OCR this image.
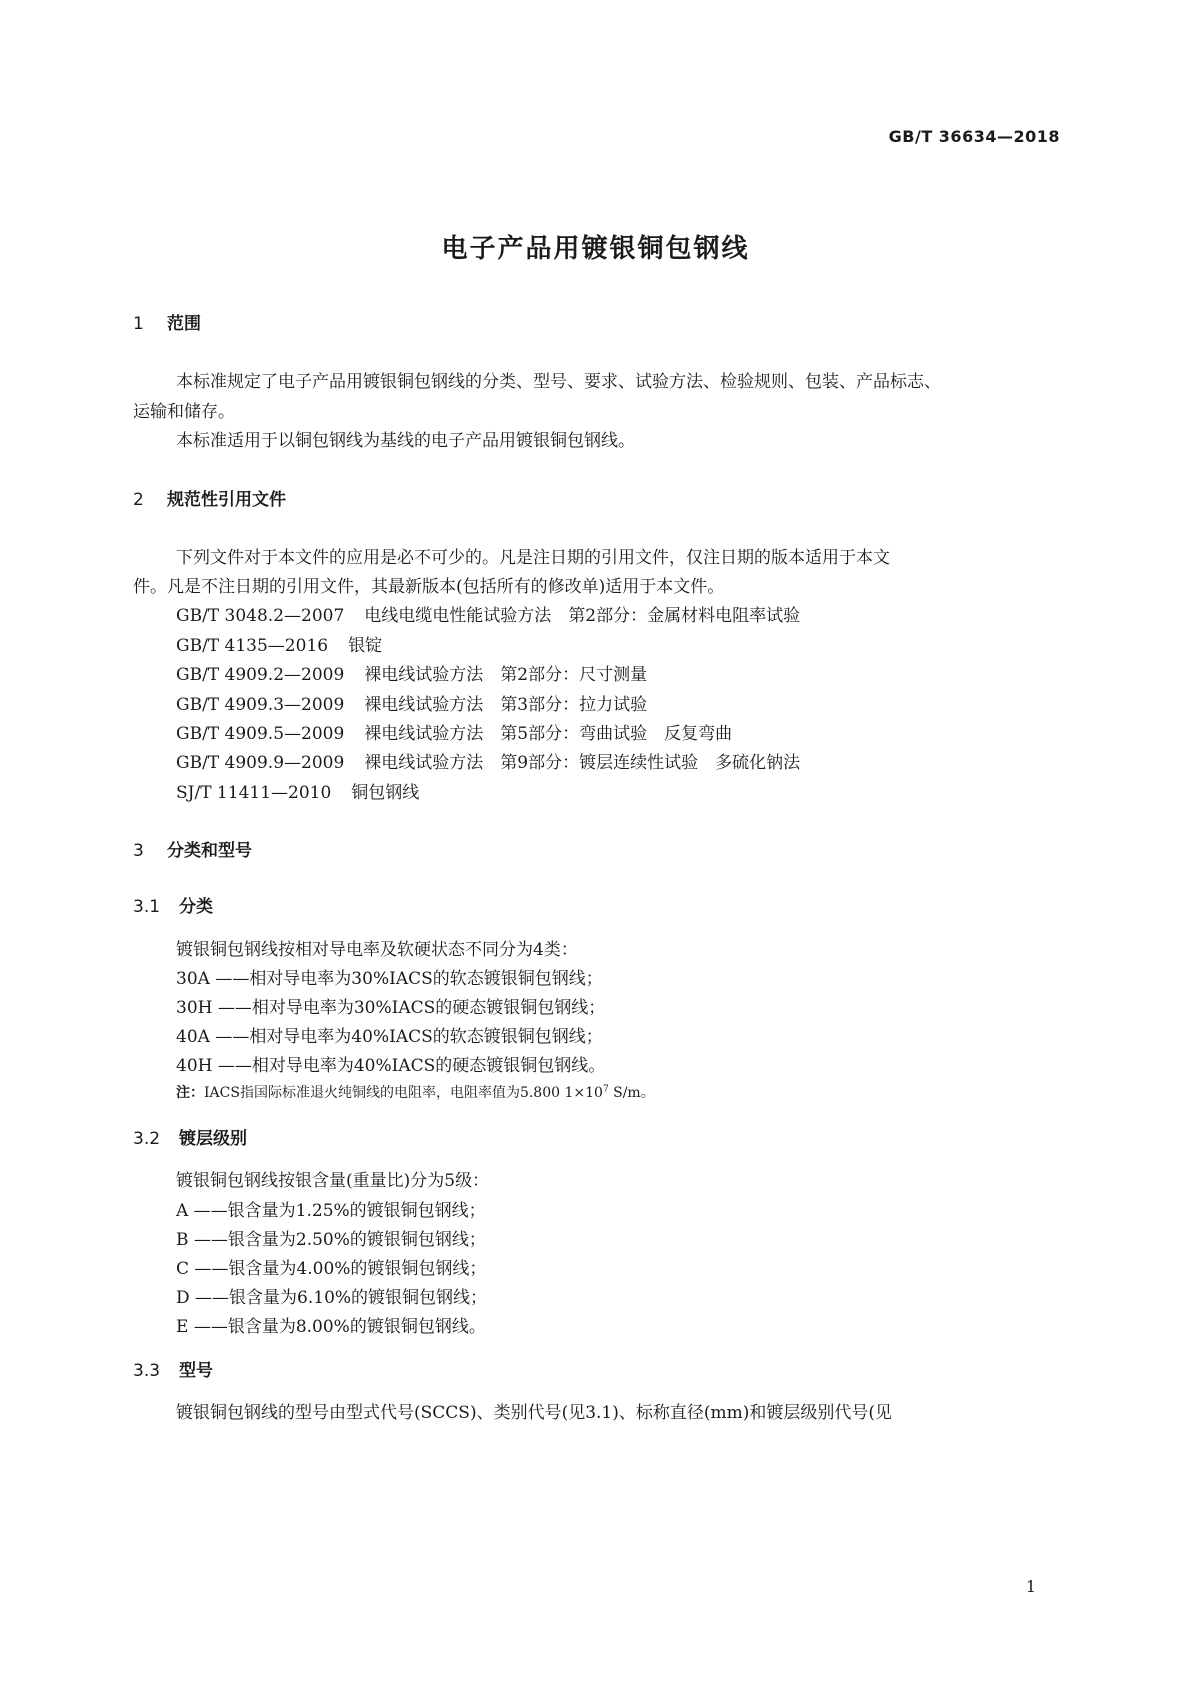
GB/T 36634—2018
电子产品用镀银铜包钢线
1 范围
本标准规定了电子产品用镀银铜包钢线的分类、型号、要求、试验方法、检验规则、包装、产品标志、
运输和储存。
本标准适用于以铜包钢线为基线的电子产品用镀银铜包钢线。
2 规范性引用文件
下列文件对于本文件的应用是必不可少的。凡是注日期的引用文件，仅注日期的版本适用于本文
件。凡是不注日期的引用文件，其最新版本(包括所有的修改单)适用于本文件。
GB/T 3048.2—2007 电线电缆电性能试验方法　第2部分：金属材料电阻率试验
GB/T 4135—2016 银锭
GB/T 4909.2—2009 裸电线试验方法　第2部分：尺寸测量
GB/T 4909.3—2009 裸电线试验方法　第3部分：拉力试验
GB/T 4909.5—2009 裸电线试验方法　第5部分：弯曲试验　反复弯曲
GB/T 4909.9—2009 裸电线试验方法　第9部分：镀层连续性试验　多硫化钠法
SJ/T 11411—2010 铜包钢线
3 分类和型号
3.1 分类
镀银铜包钢线按相对导电率及软硬状态不同分为4类：
30A ——相对导电率为30%IACS的软态镀银铜包钢线；
30H ——相对导电率为30%IACS的硬态镀银铜包钢线；
40A ——相对导电率为40%IACS的软态镀银铜包钢线；
40H ——相对导电率为40%IACS的硬态镀银铜包钢线。
注：IACS指国际标准退火纯铜线的电阻率，电阻率值为5.800 $1\times 10^7$ S/m。
3.2 镀层级别
镀银铜包钢线按银含量(重量比)分为5级：
A ——银含量为1.25%的镀银铜包钢线；
B ——银含量为2.50%的镀银铜包钢线；
C ——银含量为4.00%的镀银铜包钢线；
D ——银含量为6.10%的镀银铜包钢线；
E ——银含量为8.00%的镀银铜包钢线。
3.3 型号
镀银铜包钢线的型号由型式代号(SCCS)、类别代号(见3.1)、标称直径(mm)和镀层级别代号(见
1
